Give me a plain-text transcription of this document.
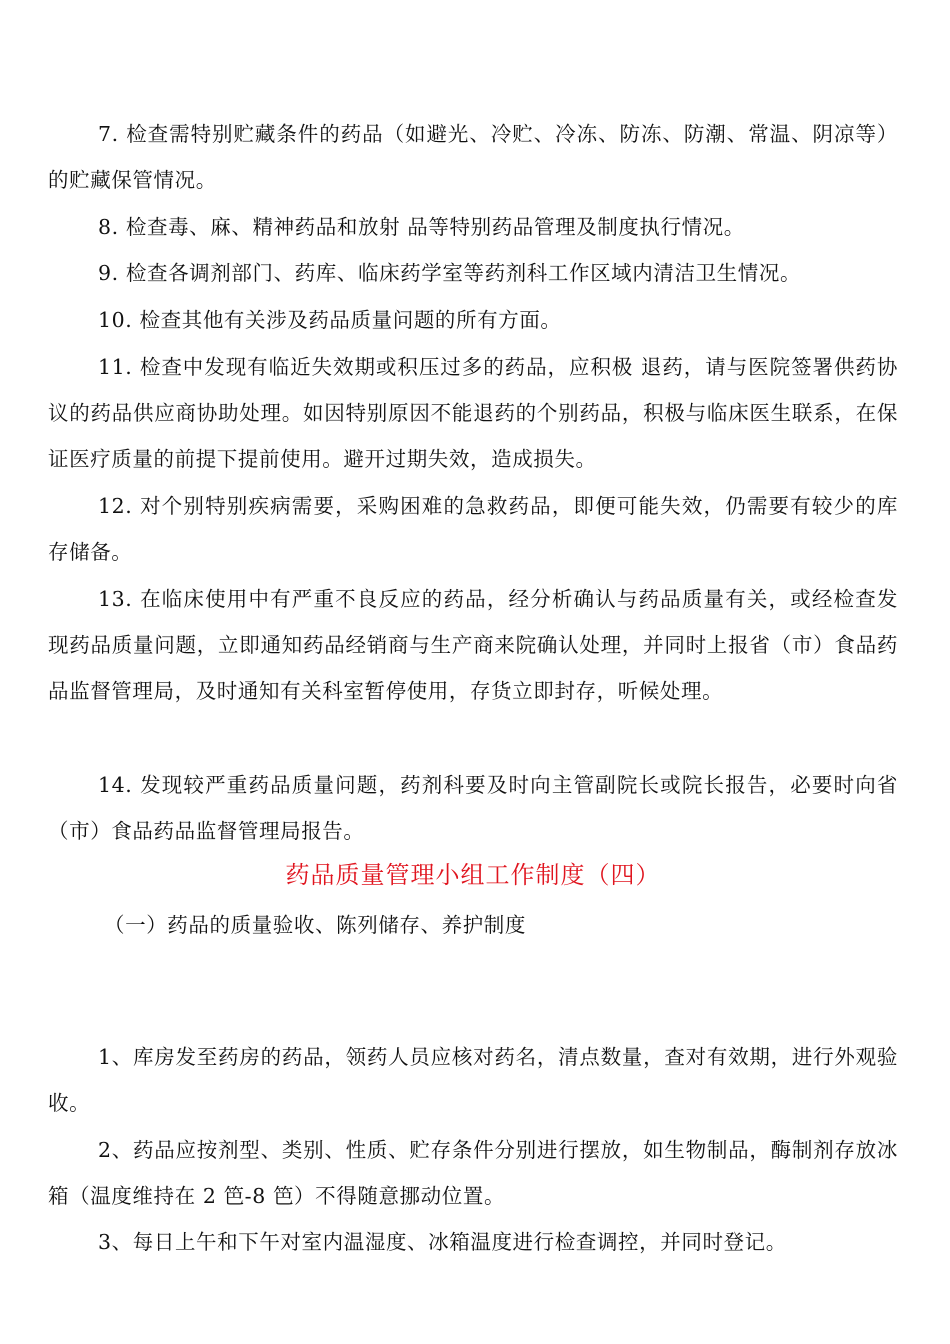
7. 检查需特别贮藏条件的药品（如避光、冷贮、冷冻、防冻、防潮、常温、阴凉等）的贮藏保管情况。

8. 检查毒、麻、精神药品和放射 品等特别药品管理及制度执行情况。

9. 检查各调剂部门、药库、临床药学室等药剂科工作区域内清洁卫生情况。

10. 检查其他有关涉及药品质量问题的所有方面。

11. 检查中发现有临近失效期或积压过多的药品，应积极 退药，请与医院签署供药协议的药品供应商协助处理。如因特别原因不能退药的个别药品，积极与临床医生联系，在保证医疗质量的前提下提前使用。避开过期失效，造成损失。

12. 对个别特别疾病需要，采购困难的急救药品，即便可能失效，仍需要有较少的库存储备。

13. 在临床使用中有严重不良反应的药品，经分析确认与药品质量有关，或经检查发现药品质量问题，立即通知药品经销商与生产商来院确认处理，并同时上报省（市）食品药品监督管理局，及时通知有关科室暂停使用，存货立即封存，听候处理。

14. 发现较严重药品质量问题，药剂科要及时向主管副院长或院长报告，必要时向省（市）食品药品监督管理局报告。

药品质量管理小组工作制度（四）

（一）药品的质量验收、陈列储存、养护制度

1、库房发至药房的药品，领药人员应核对药名，清点数量，查对有效期，进行外观验收。

2、药品应按剂型、类别、性质、贮存条件分别进行摆放，如生物制品，酶制剂存放冰箱（温度维持在 2 笆-8 笆）不得随意挪动位置。

3、每日上午和下午对室内温湿度、冰箱温度进行检查调控，并同时登记。
